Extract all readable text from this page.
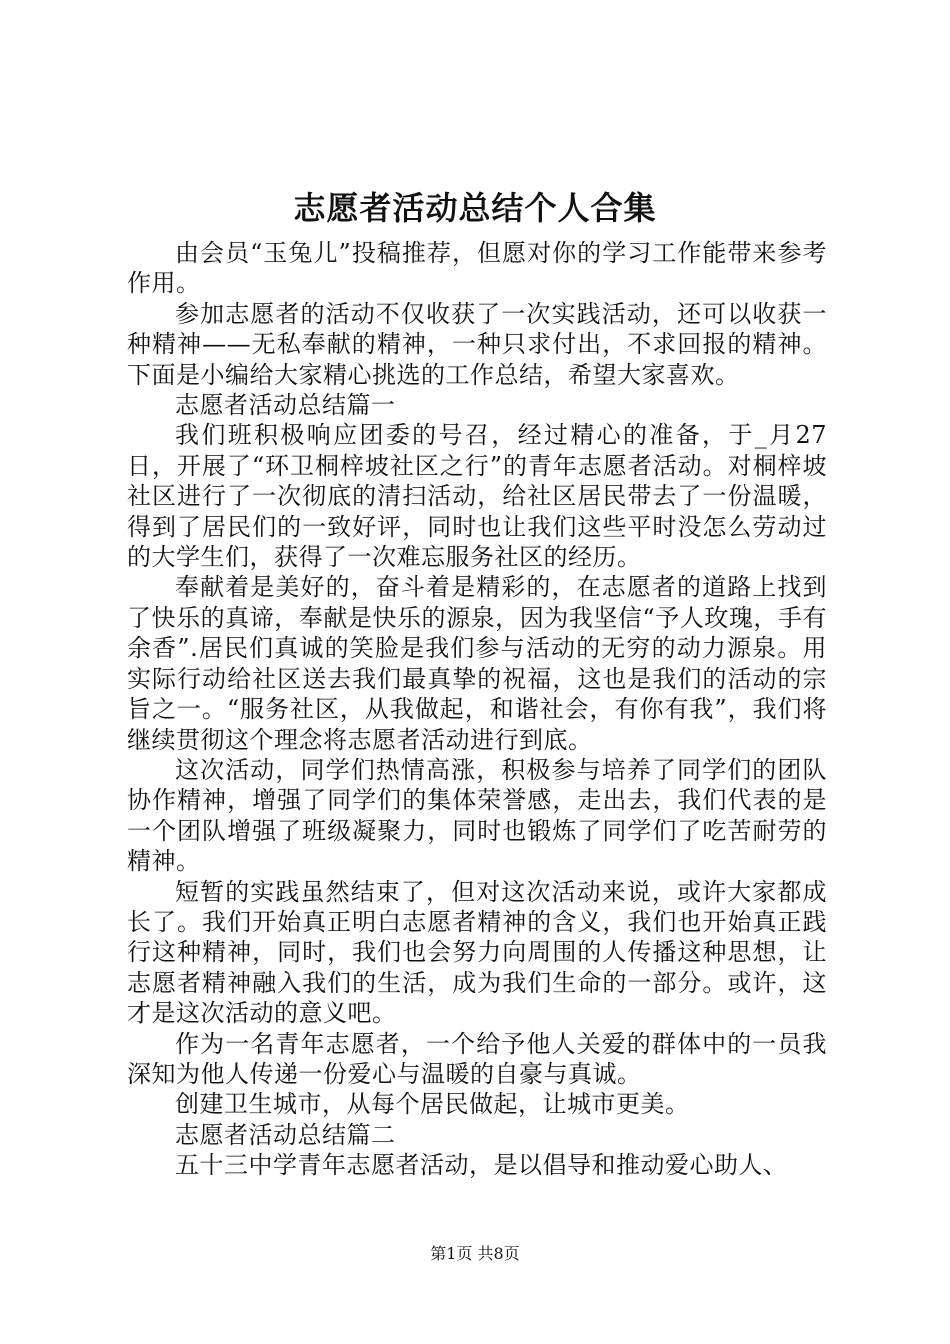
志愿者活动总结个人合集

由会员“玉兔儿”投稿推荐，但愿对你的学习工作能带来参考作用。

参加志愿者的活动不仅收获了一次实践活动，还可以收获一种精神——无私奉献的精神，一种只求付出，不求回报的精神。下面是小编给大家精心挑选的工作总结，希望大家喜欢。

志愿者活动总结篇一

我们班积极响应团委的号召，经过精心的准备，于_月27日，开展了“环卫桐梓坡社区之行”的青年志愿者活动。对桐梓坡社区进行了一次彻底的清扫活动，给社区居民带去了一份温暖，得到了居民们的一致好评，同时也让我们这些平时没怎么劳动过的大学生们，获得了一次难忘服务社区的经历。

奉献着是美好的，奋斗着是精彩的，在志愿者的道路上找到了快乐的真谛，奉献是快乐的源泉，因为我坚信“予人玫瑰，手有余香”.居民们真诚的笑脸是我们参与活动的无穷的动力源泉。用实际行动给社区送去我们最真挚的祝福，这也是我们的活动的宗旨之一。“服务社区，从我做起，和谐社会，有你有我”，我们将继续贯彻这个理念将志愿者活动进行到底。

这次活动，同学们热情高涨，积极参与培养了同学们的团队协作精神，增强了同学们的集体荣誉感，走出去，我们代表的是一个团队增强了班级凝聚力，同时也锻炼了同学们了吃苦耐劳的精神。

短暂的实践虽然结束了，但对这次活动来说，或许大家都成长了。我们开始真正明白志愿者精神的含义，我们也开始真正践行这种精神，同时，我们也会努力向周围的人传播这种思想，让志愿者精神融入我们的生活，成为我们生命的一部分。或许，这才是这次活动的意义吧。

作为一名青年志愿者，一个给予他人关爱的群体中的一员我深知为他人传递一份爱心与温暖的自豪与真诚。

创建卫生城市，从每个居民做起，让城市更美。

志愿者活动总结篇二

五十三中学青年志愿者活动，是以倡导和推动爱心助人、

第1页 共8页
